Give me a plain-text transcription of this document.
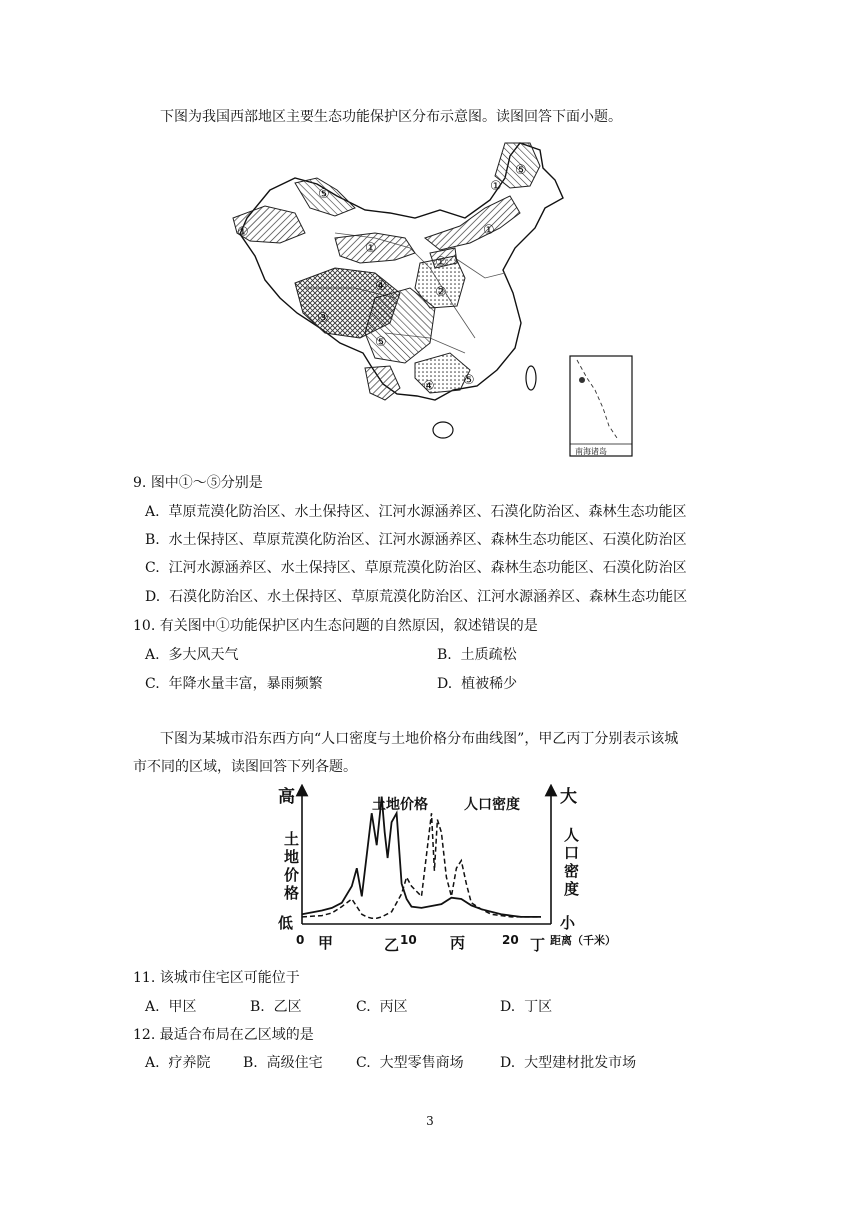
下图为我国西部地区主要生态功能保护区分布示意图。读图回答下面小题。
⑤
⑤
①
①
①
①
④
①
②
③
⑤
④ ⑤
南海诸岛
9. 图中①～⑤分别是
A. 草原荒漠化防治区、水土保持区、江河水源涵养区、石漠化防治区、森林生态功能区
B. 水土保持区、草原荒漠化防治区、江河水源涵养区、森林生态功能区、石漠化防治区
C. 江河水源涵养区、水土保持区、草原荒漠化防治区、森林生态功能区、石漠化防治区
D. 石漠化防治区、水土保持区、草原荒漠化防治区、江河水源涵养区、森林生态功能区
10. 有关图中①功能保护区内生态问题的自然原因，叙述错误的是
A. 多大风天气	B. 土质疏松
C. 年降水量丰富，暴雨频繁	D. 植被稀少
下图为某城市沿东西方向“人口密度与土地价格分布曲线图”，甲乙丙丁分别表示该城
市不同的区域，读图回答下列各题。
高
低
大
小
土地价格
人口密度
土地价格	人口密度
0	10	20
甲	乙	丙	丁 距离（千米）
11. 该城市住宅区可能位于
A. 甲区	B. 乙区	C. 丙区	D. 丁区
12. 最适合布局在乙区域的是
A. 疗养院 B. 高级住宅 C. 大型零售商场	D. 大型建材批发市场
3
